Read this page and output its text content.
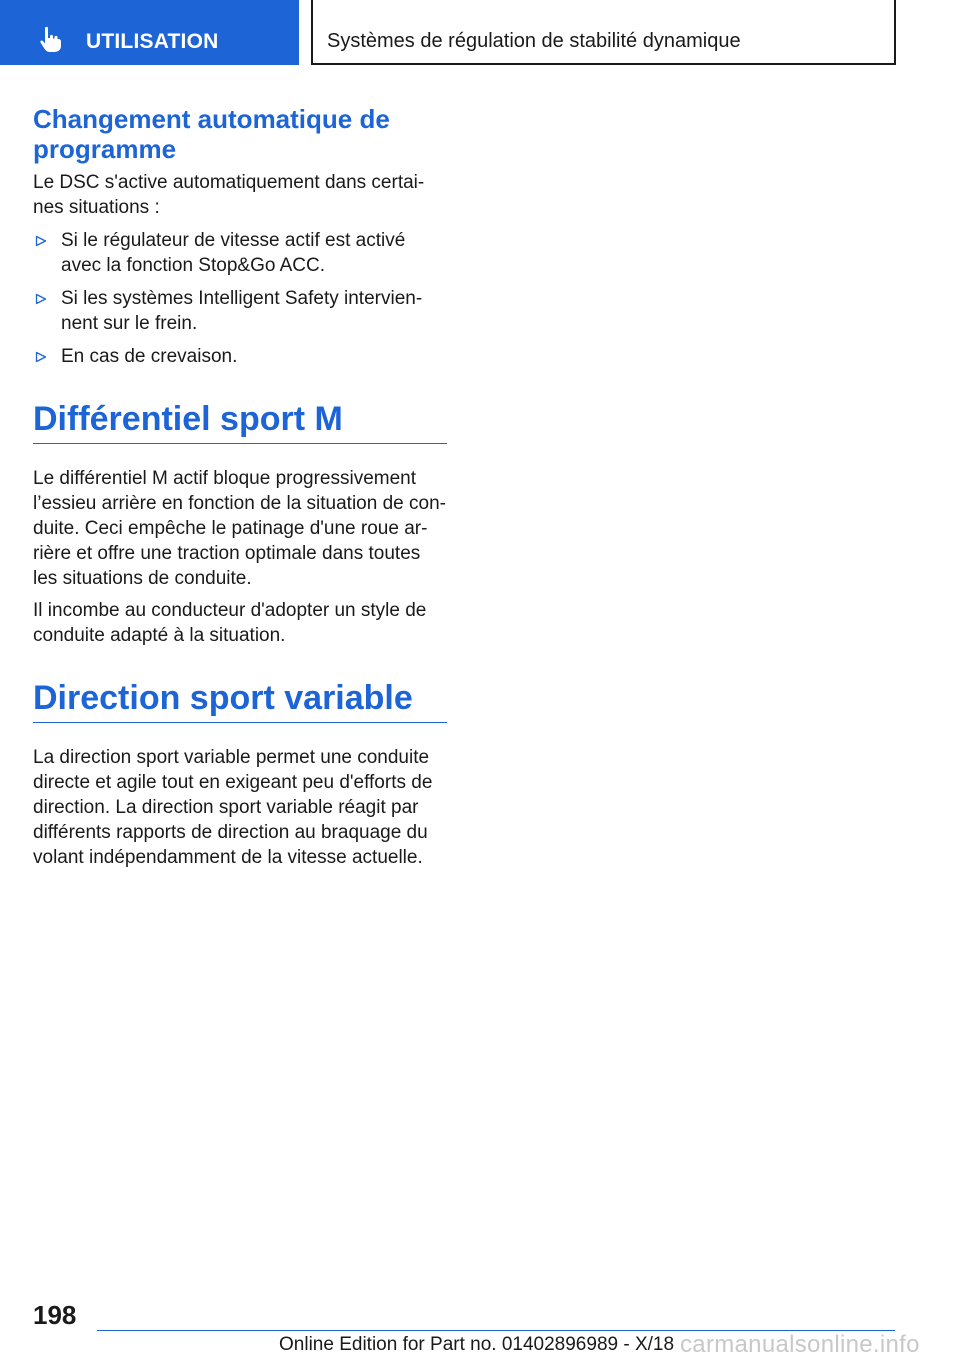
UTILISATION	Systèmes de régulation de stabilité dynamique
Changement automatique de programme

Le DSC s'active automatiquement dans certai-nes situations :

Si le régulateur de vitesse actif est activé avec la fonction Stop&Go ACC.
Si les systèmes Intelligent Safety intervien-nent sur le frein.
En cas de crevaison.
Différentiel sport M

Le différentiel M actif bloque progressivement l’essieu arrière en fonction de la situation de con-duite. Ceci empêche le patinage d'une roue ar-rière et offre une traction optimale dans toutes les situations de conduite.

Il incombe au conducteur d'adopter un style de conduite adapté à la situation.

Direction sport variable

La direction sport variable permet une conduite directe et agile tout en exigeant peu d'efforts de direction. La direction sport variable réagit par différents rapports de direction au braquage du volant indépendamment de la vitesse actuelle.

198
Online Edition for Part no. 01402896989 - X/18 carmanualsonline.info
